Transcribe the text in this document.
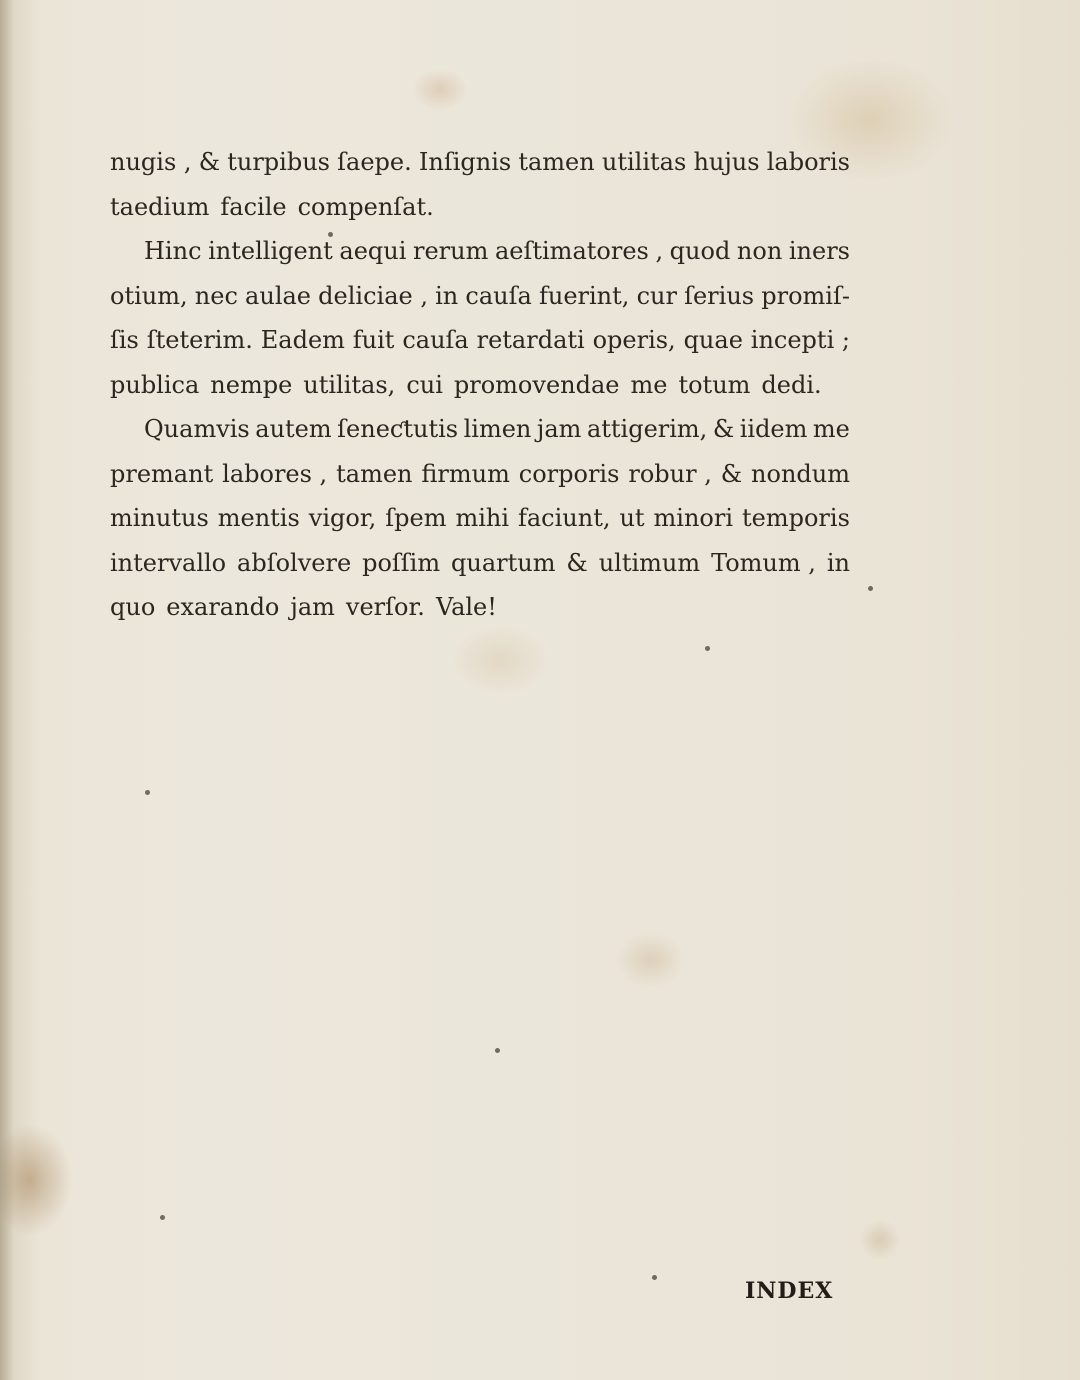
nugis , & turpibus ſaepe. Inſignis tamen utilitas hujus laboris
taedium facile compenſat.
Hinc intelligent aequi rerum aeſtimatores , quod non iners
otium, nec aulae deliciae , in cauſa fuerint, cur ſerius promiſ-
ſis ſteterim. Eadem fuit cauſa retardati operis, quae incepti ;
publica nempe utilitas, cui promovendae me totum dedi.
Quamvis autem ſeneƈtutis limen jam attigerim, & iidem me
premant labores , tamen firmum corporis robur , & nondum
minutus mentis vigor, ſpem mihi faciunt, ut minori temporis
intervallo abſolvere poſſim quartum & ultimum Tomum , in
quo exarando jam verſor. Vale!
INDEX
